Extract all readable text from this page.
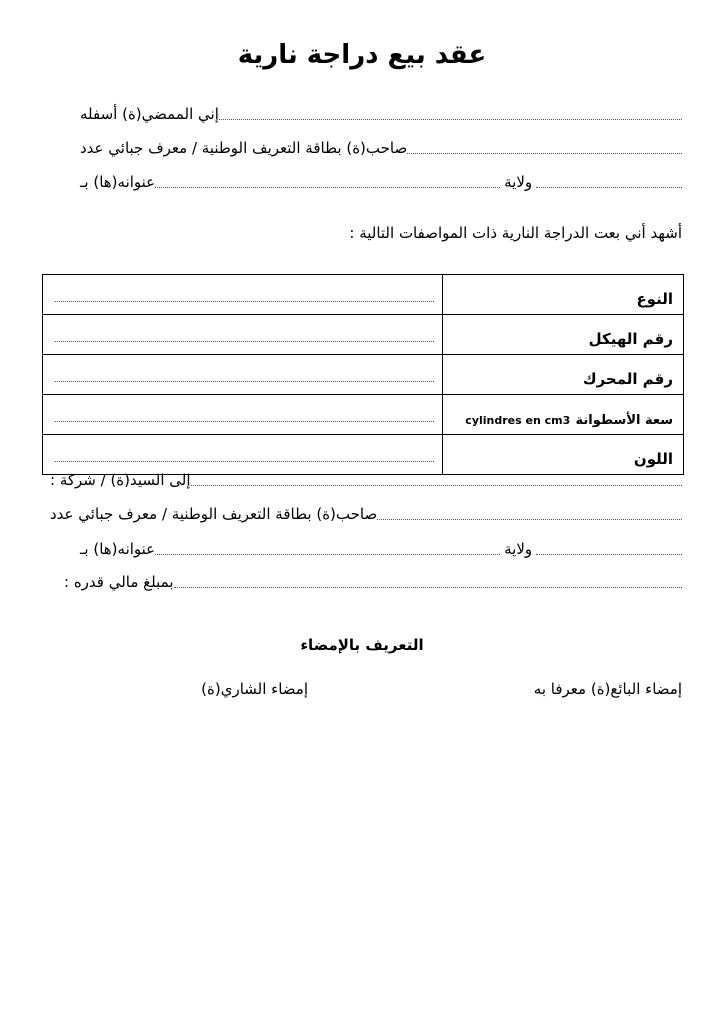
عقد بيع دراجة نارية
إني الممضي(ة) أسفله
صاحب(ة) بطاقة التعريف الوطنية / معرف جبائي عدد
عنوانه(ها) بـ	ولاية
أشهد أني بعت الدراجة النارية ذات المواصفات التالية :
النوع	

رقم الهيكل	

رقم المحرك	

سعة الأسطوانة cylindres en cm3	

اللون	
إلى السيد(ة) / شركة :
صاحب(ة) بطاقة التعريف الوطنية / معرف جبائي عدد
عنوانه(ها) بـ	ولاية
بمبلغ مالي قدره :
التعريف بالإمضاء
إمضاء البائع(ة) معرفا به
إمضاء الشاري(ة)
